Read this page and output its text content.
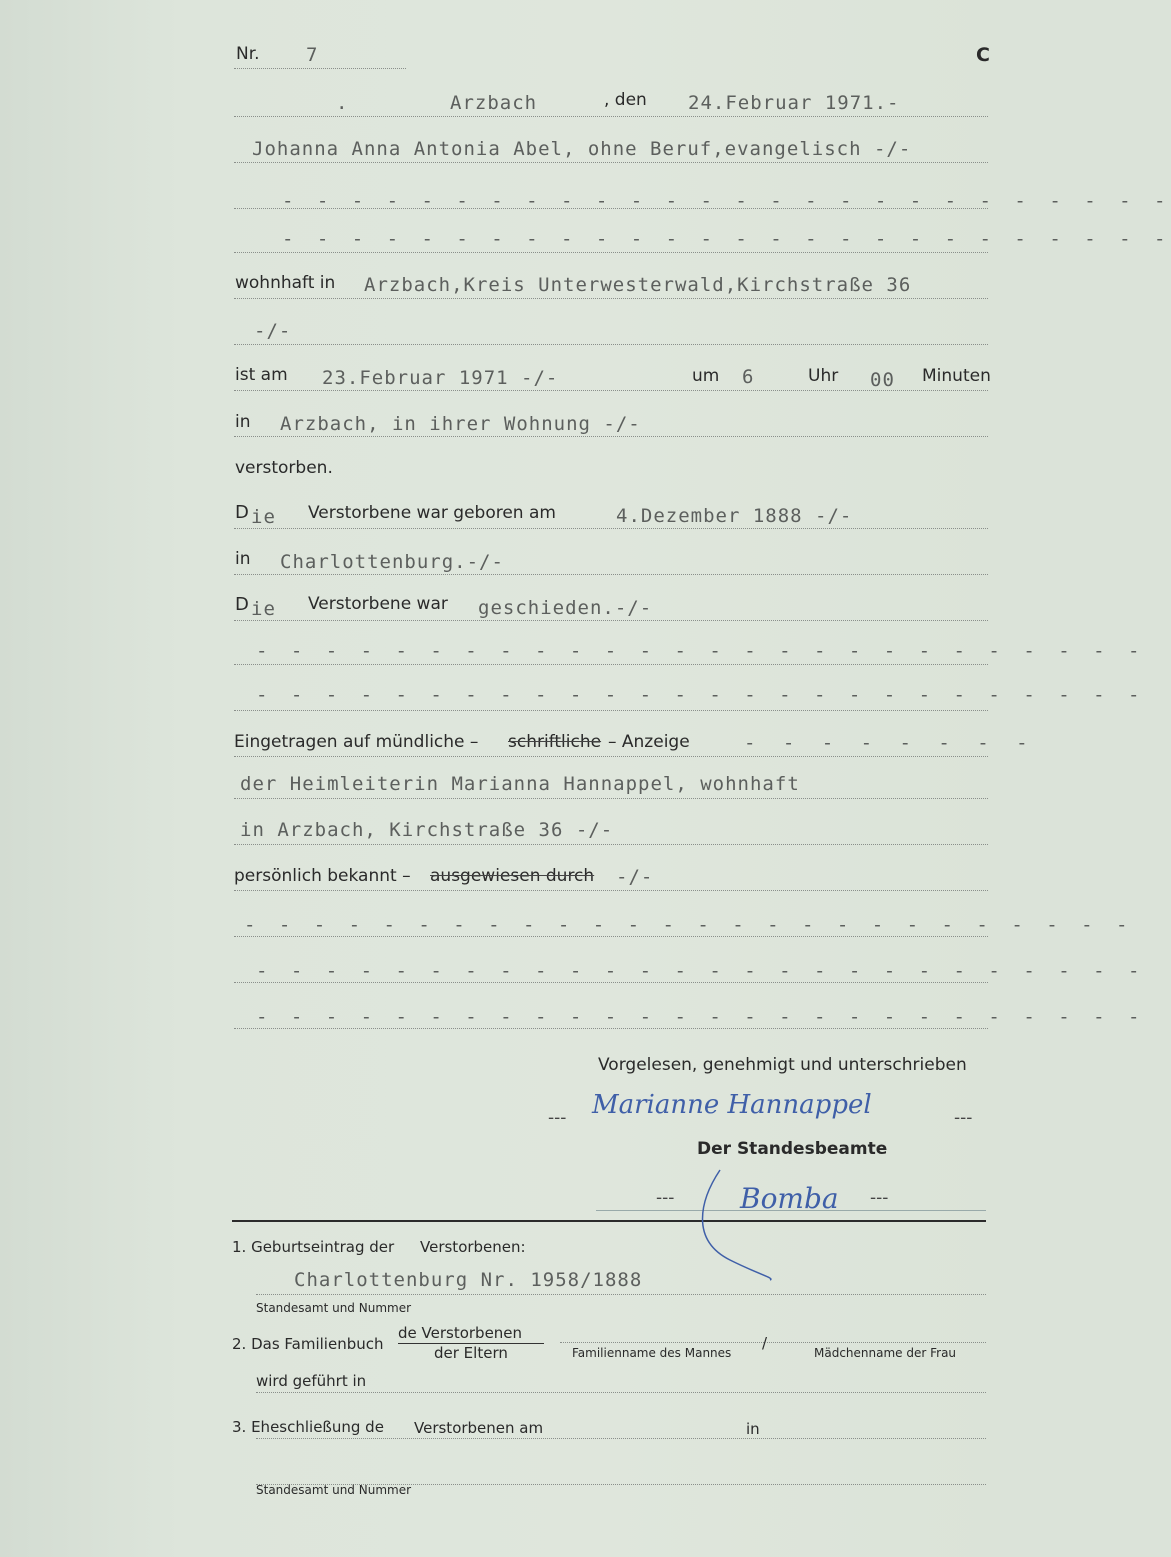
Nr. 7	C
.	Arzbach	, den 24.Februar 1971.-
Johanna Anna Antonia Abel, ohne Beruf,evangelisch -/-
- - - - - - - - - - - - - - - - - - - - - - - - - -
- - - - - - - - - - - - - - - - - - - - - - - - - -
wohnhaft in Arzbach,Kreis Unterwesterwald,Kirchstraße 36
-/-
ist am 23.Februar 1971 -/-	um 6	Uhr 00 Minuten
in Arzbach, in ihrer Wohnung -/-
verstorben.
D ie Verstorbene war geboren am	4.Dezember 1888 -/-
in Charlottenburg.-/-
D ie Verstorbene war geschieden.-/-
- - - - - - - - - - - - - - - - - - - - - - - - - -
- - - - - - - - - - - - - - - - - - - - - - - - - -
Eingetragen auf mündliche – schriftliche – Anzeige	- - - - - - - -
der Heimleiterin Marianna Hannappel, wohnhaft
in Arzbach, Kirchstraße 36 -/-
persönlich bekannt – ausgewiesen durch -/-
- - - - - - - - - - - - - - - - - - - - - - - - - -
- - - - - - - - - - - - - - - - - - - - - - - - - -
- - - - - - - - - - - - - - - - - - - - - - - - - -
Vorgelesen, genehmigt und unterschrieben
--- Marianne Hannappel	---
Der Standesbeamte
--- Bomba ---
1. Geburtseintrag der Verstorbenen:
Charlottenburg Nr. 1958/1888
Standesamt und Nummer
2. Das Familienbuch
de Verstorbenen
der Eltern	Familienname des Mannes
/
Mädchenname der Frau
wird geführt in
3. Eheschließung de Verstorbenen am	in
Standesamt und Nummer
